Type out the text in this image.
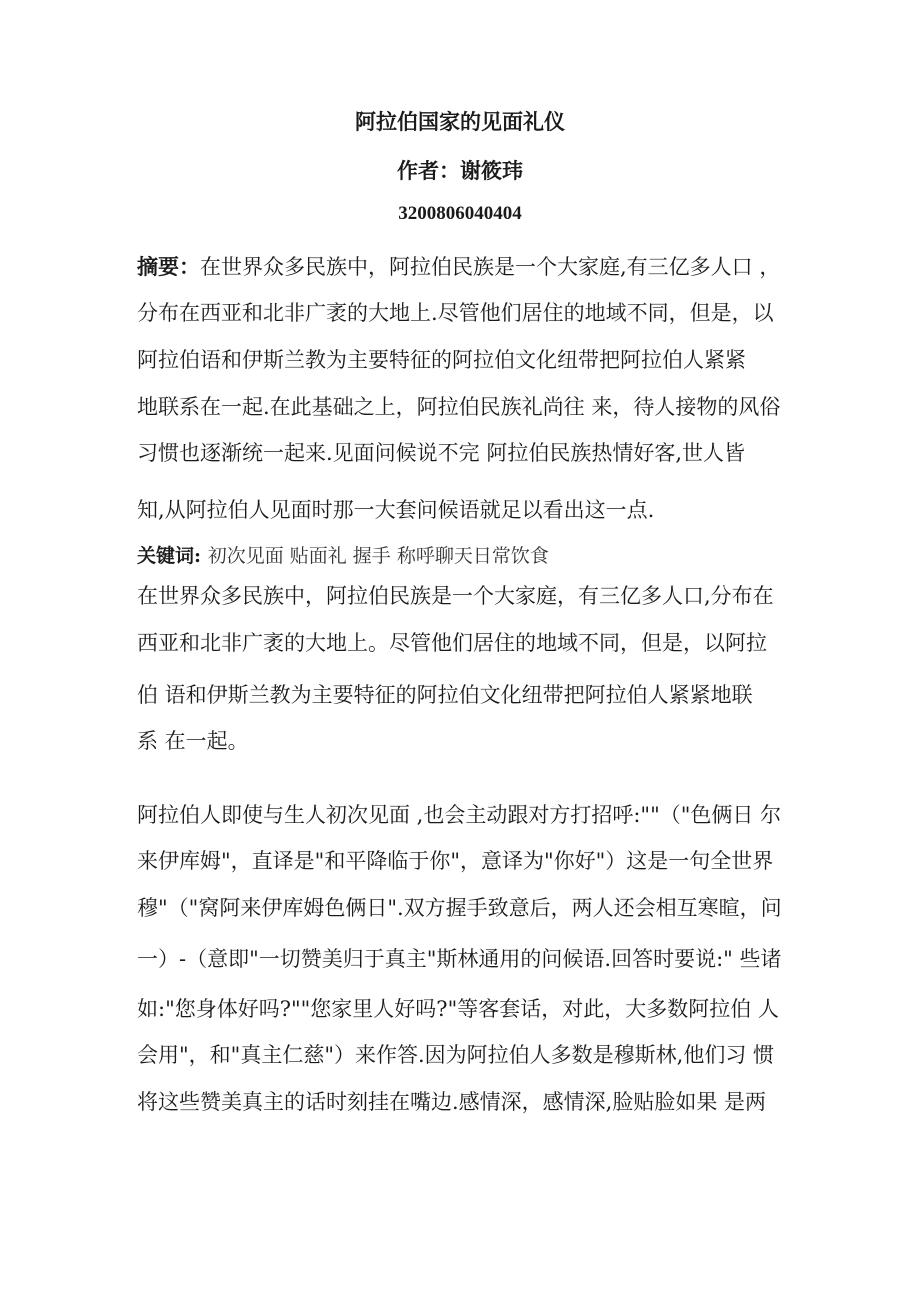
阿拉伯国家的见面礼仪
作者：谢筱玮
3200806040404
摘要：在世界众多民族中，阿拉伯民族是一个大家庭,有三亿多人口 ，
分布在西亚和北非广袤的大地上.尽管他们居住的地域不同，但是，以
阿拉伯语和伊斯兰教为主要特征的阿拉伯文化纽带把阿拉伯人紧紧
地联系在一起.在此基础之上，阿拉伯民族礼尚往 来，待人接物的风俗
习惯也逐渐统一起来.见面问候说不完 阿拉伯民族热情好客,世人皆
知,从阿拉伯人见面时那一大套问候语就足以看出这一点.
关键词: 初次见面 贴面礼 握手 称呼聊天日常饮食
在世界众多民族中，阿拉伯民族是一个大家庭，有三亿多人口,分布在
西亚和北非广袤的大地上。尽管他们居住的地域不同，但是，以阿拉
伯 语和伊斯兰教为主要特征的阿拉伯文化纽带把阿拉伯人紧紧地联
系 在一起。
阿拉伯人即使与生人初次见面 ,也会主动跟对方打招呼:""（"色俩日 尔
来伊库姆"，直译是"和平降临于你"，意译为"你好"）这是一句全世界
穆"（"窝阿来伊库姆色俩日".双方握手致意后，两人还会相互寒暄，问
一）-（意即"一切赞美归于真主"斯林通用的问候语.回答时要说:" 些诸
如:"您身体好吗?""您家里人好吗?"等客套话，对此，大多数阿拉伯 人
会用"，和"真主仁慈"）来作答.因为阿拉伯人多数是穆斯林,他们习 惯
将这些赞美真主的话时刻挂在嘴边.感情深，感情深,脸贴脸如果 是两
